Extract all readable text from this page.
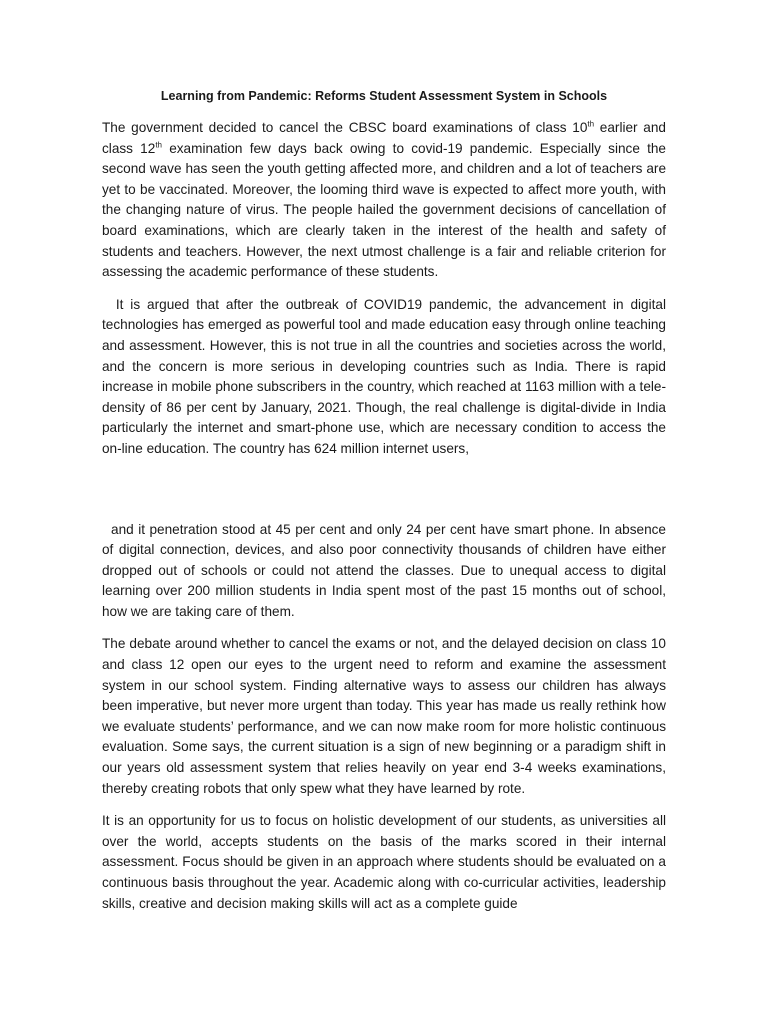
Learning from Pandemic: Reforms Student Assessment System in Schools

The government decided to cancel the CBSC board examinations of class 10th earlier and class 12th examination few days back owing to covid-19 pandemic. Especially since the second wave has seen the youth getting affected more, and children and a lot of teachers are yet to be vaccinated. Moreover, the looming third wave is expected to affect more youth, with the changing nature of virus. The people hailed the government decisions of cancellation of board examinations, which are clearly taken in the interest of the health and safety of students and teachers. However, the next utmost challenge is a fair and reliable criterion for assessing the academic performance of these students.

It is argued that after the outbreak of COVID19 pandemic, the advancement in digital technologies has emerged as powerful tool and made education easy through online teaching and assessment. However, this is not true in all the countries and societies across the world, and the concern is more serious in developing countries such as India. There is rapid increase in mobile phone subscribers in the country, which reached at 1163 million with a tele-density of 86 per cent by January, 2021. Though, the real challenge is digital-divide in India particularly the internet and smart-phone use, which are necessary condition to access the on-line education. The country has 624 million internet users,

and it penetration stood at 45 per cent and only 24 per cent have smart phone. In absence of digital connection, devices, and also poor connectivity thousands of children have either dropped out of schools or could not attend the classes. Due to unequal access to digital learning over 200 million students in India spent most of the past 15 months out of school, how we are taking care of them.

The debate around whether to cancel the exams or not, and the delayed decision on class 10 and class 12 open our eyes to the urgent need to reform and examine the assessment system in our school system. Finding alternative ways to assess our children has always been imperative, but never more urgent than today. This year has made us really rethink how we evaluate students’ performance, and we can now make room for more holistic continuous evaluation. Some says, the current situation is a sign of new beginning or a paradigm shift in our years old assessment system that relies heavily on year end 3-4 weeks examinations, thereby creating robots that only spew what they have learned by rote.

It is an opportunity for us to focus on holistic development of our students, as universities all over the world, accepts students on the basis of the marks scored in their internal assessment. Focus should be given in an approach where students should be evaluated on a continuous basis throughout the year. Academic along with co-curricular activities, leadership skills, creative and decision making skills will act as a complete guide
